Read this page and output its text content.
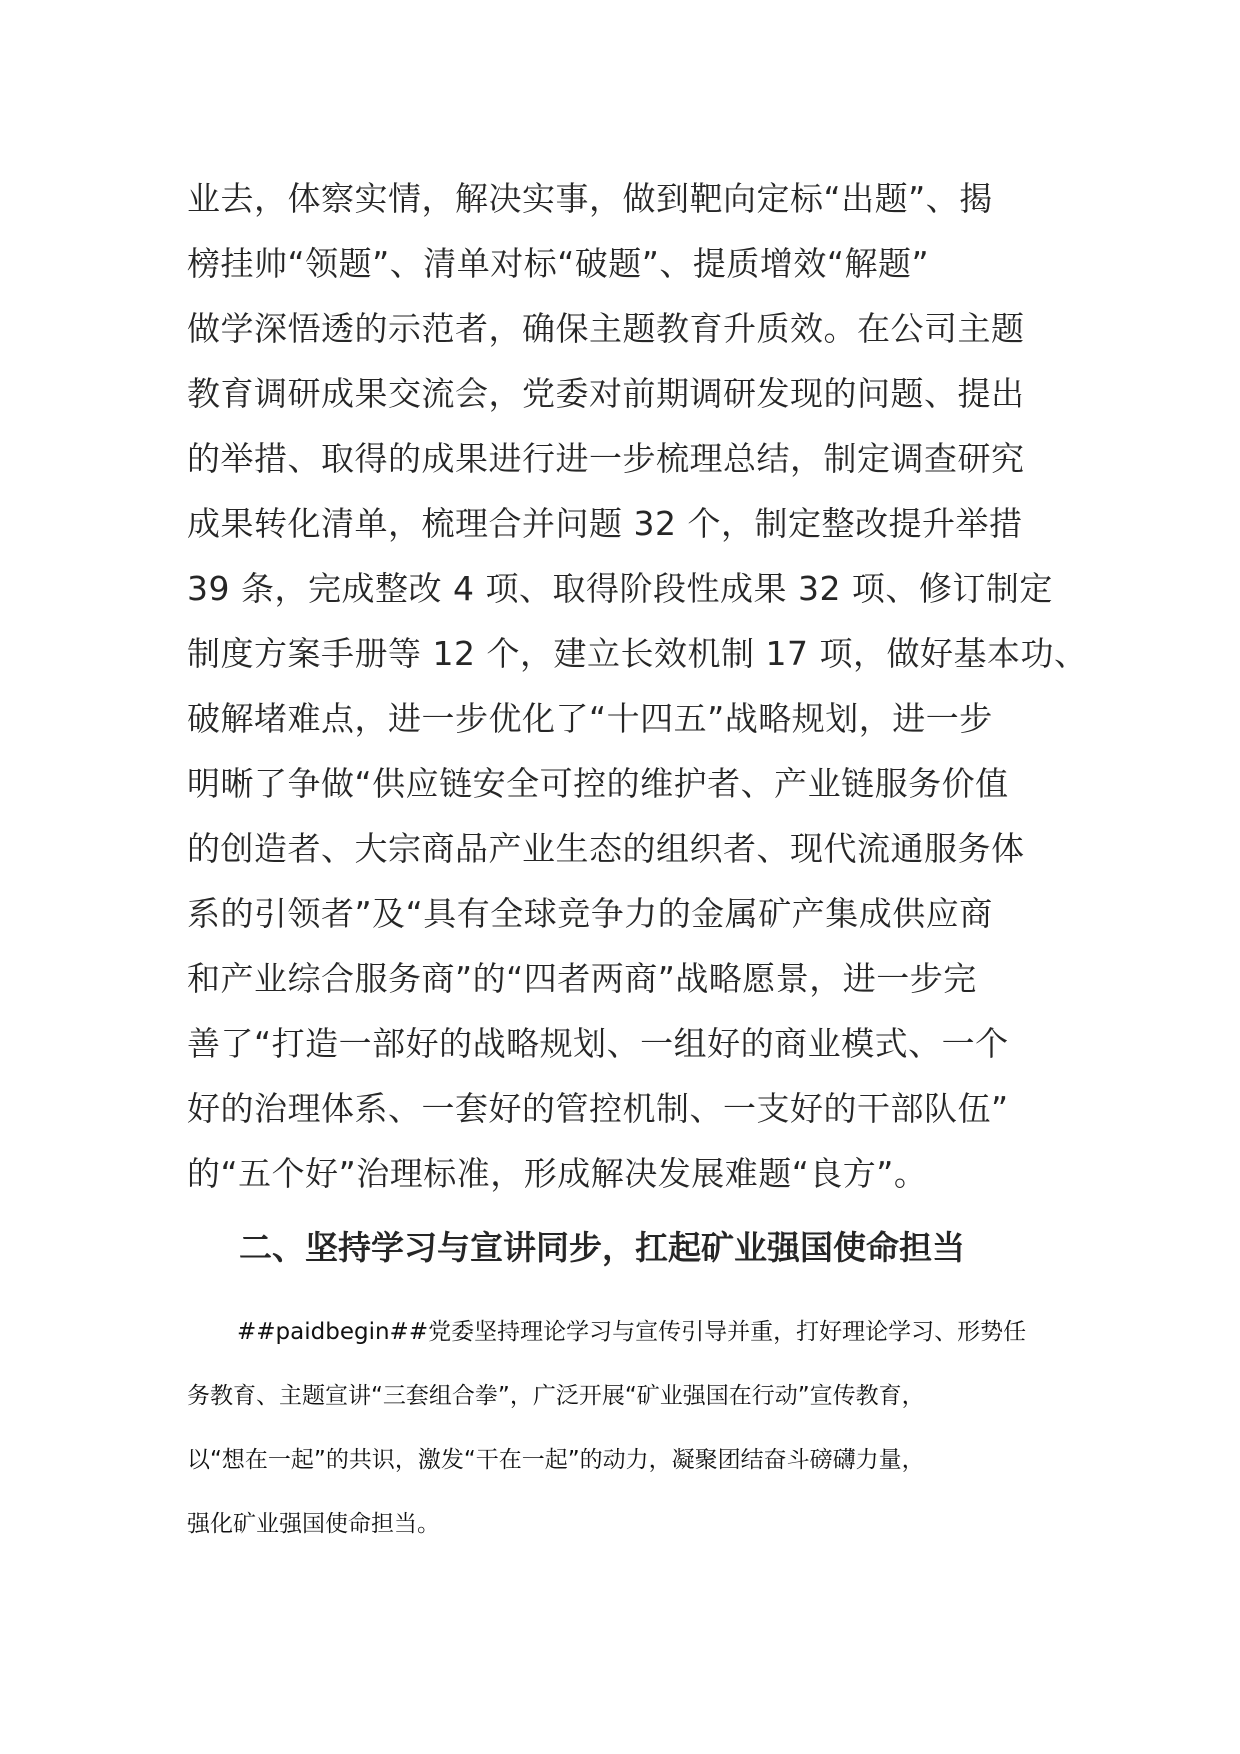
业去，体察实情，解决实事，做到靶向定标“出题”、揭
榜挂帅“领题”、清单对标“破题”、提质增效“解题”
做学深悟透的示范者，确保主题教育升质效。在公司主题
教育调研成果交流会，党委对前期调研发现的问题、提出
的举措、取得的成果进行进一步梳理总结，制定调查研究
成果转化清单，梳理合并问题 32 个，制定整改提升举措
39 条，完成整改 4 项、取得阶段性成果 32 项、修订制定
制度方案手册等 12 个，建立长效机制 17 项，做好基本功、
破解堵难点，进一步优化了“十四五”战略规划，进一步
明晰了争做“供应链安全可控的维护者、产业链服务价值
的创造者、大宗商品产业生态的组织者、现代流通服务体
系的引领者”及“具有全球竞争力的金属矿产集成供应商
和产业综合服务商”的“四者两商”战略愿景，进一步完
善了“打造一部好的战略规划、一组好的商业模式、一个
好的治理体系、一套好的管控机制、一支好的干部队伍”
的“五个好”治理标准，形成解决发展难题“良方”。
二、坚持学习与宣讲同步，扛起矿业强国使命担当
##paidbegin##党委坚持理论学习与宣传引导并重，打好理论学习、形势任
务教育、主题宣讲“三套组合拳”，广泛开展“矿业强国在行动”宣传教育，
以“想在一起”的共识，激发“干在一起”的动力，凝聚团结奋斗磅礴力量，
强化矿业强国使命担当。
